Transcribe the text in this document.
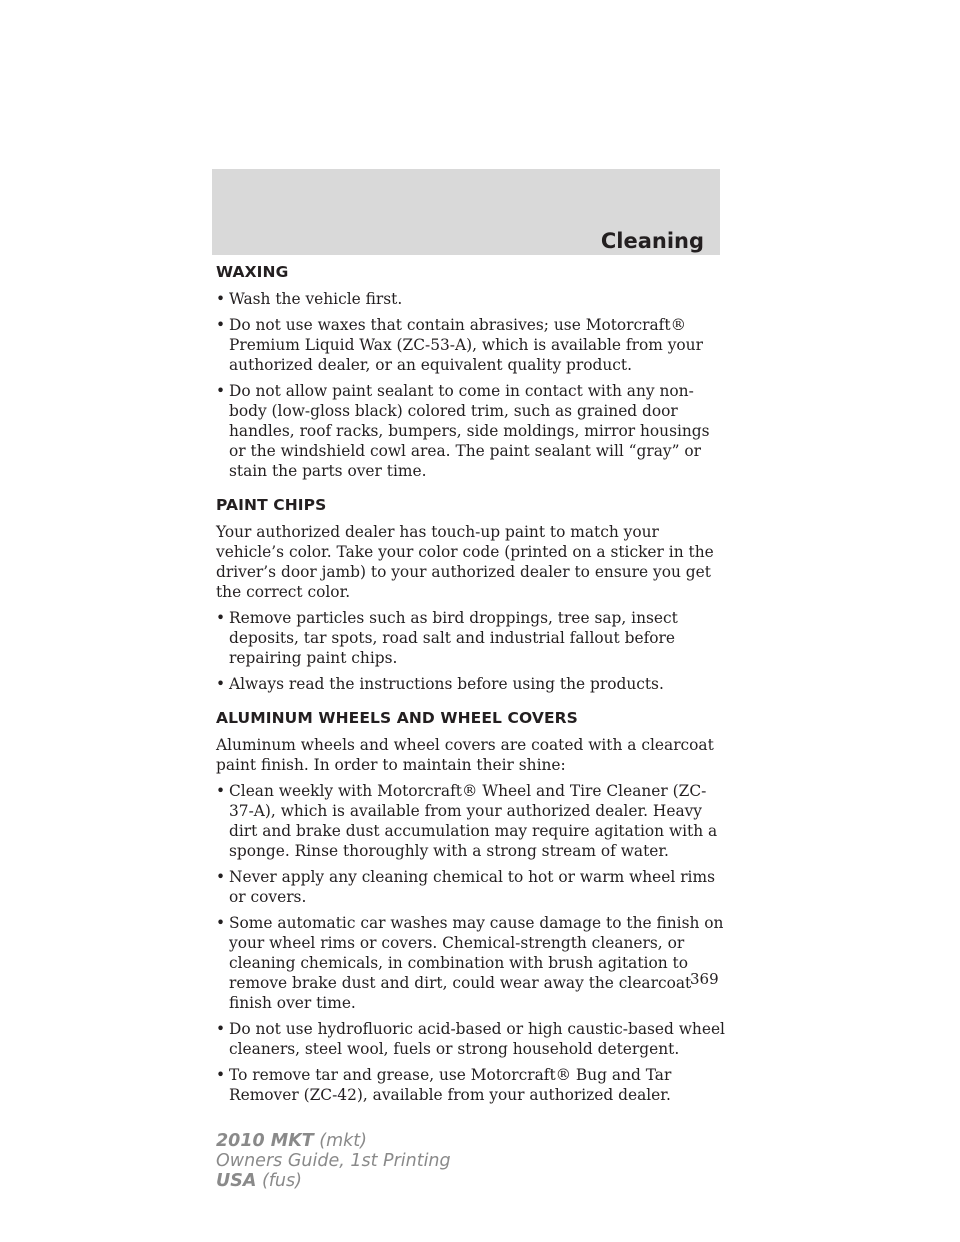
Cleaning
WAXING
• Wash the vehicle first.
• Do not use waxes that contain abrasives; use Motorcraft® Premium Liquid Wax (ZC-53-A), which is available from your authorized dealer, or an equivalent quality product.
• Do not allow paint sealant to come in contact with any non-body (low-gloss black) colored trim, such as grained door handles, roof racks, bumpers, side moldings, mirror housings or the windshield cowl area. The paint sealant will “gray” or stain the parts over time.
PAINT CHIPS

Your authorized dealer has touch-up paint to match your vehicle’s color. Take your color code (printed on a sticker in the driver’s door jamb) to your authorized dealer to ensure you get the correct color.

• Remove particles such as bird droppings, tree sap, insect deposits, tar spots, road salt and industrial fallout before repairing paint chips.
• Always read the instructions before using the products.
ALUMINUM WHEELS AND WHEEL COVERS

Aluminum wheels and wheel covers are coated with a clearcoat paint finish. In order to maintain their shine:

• Clean weekly with Motorcraft® Wheel and Tire Cleaner (ZC-37-A), which is available from your authorized dealer. Heavy dirt and brake dust accumulation may require agitation with a sponge. Rinse thoroughly with a strong stream of water.
• Never apply any cleaning chemical to hot or warm wheel rims or covers.
• Some automatic car washes may cause damage to the finish on your wheel rims or covers. Chemical-strength cleaners, or cleaning chemicals, in combination with brush agitation to remove brake dust and dirt, could wear away the clearcoat finish over time.
• Do not use hydrofluoric acid-based or high caustic-based wheel cleaners, steel wool, fuels or strong household detergent.
• To remove tar and grease, use Motorcraft® Bug and Tar Remover (ZC-42), available from your authorized dealer.
369
2010 MKT (mkt)
Owners Guide, 1st Printing
USA (fus)
